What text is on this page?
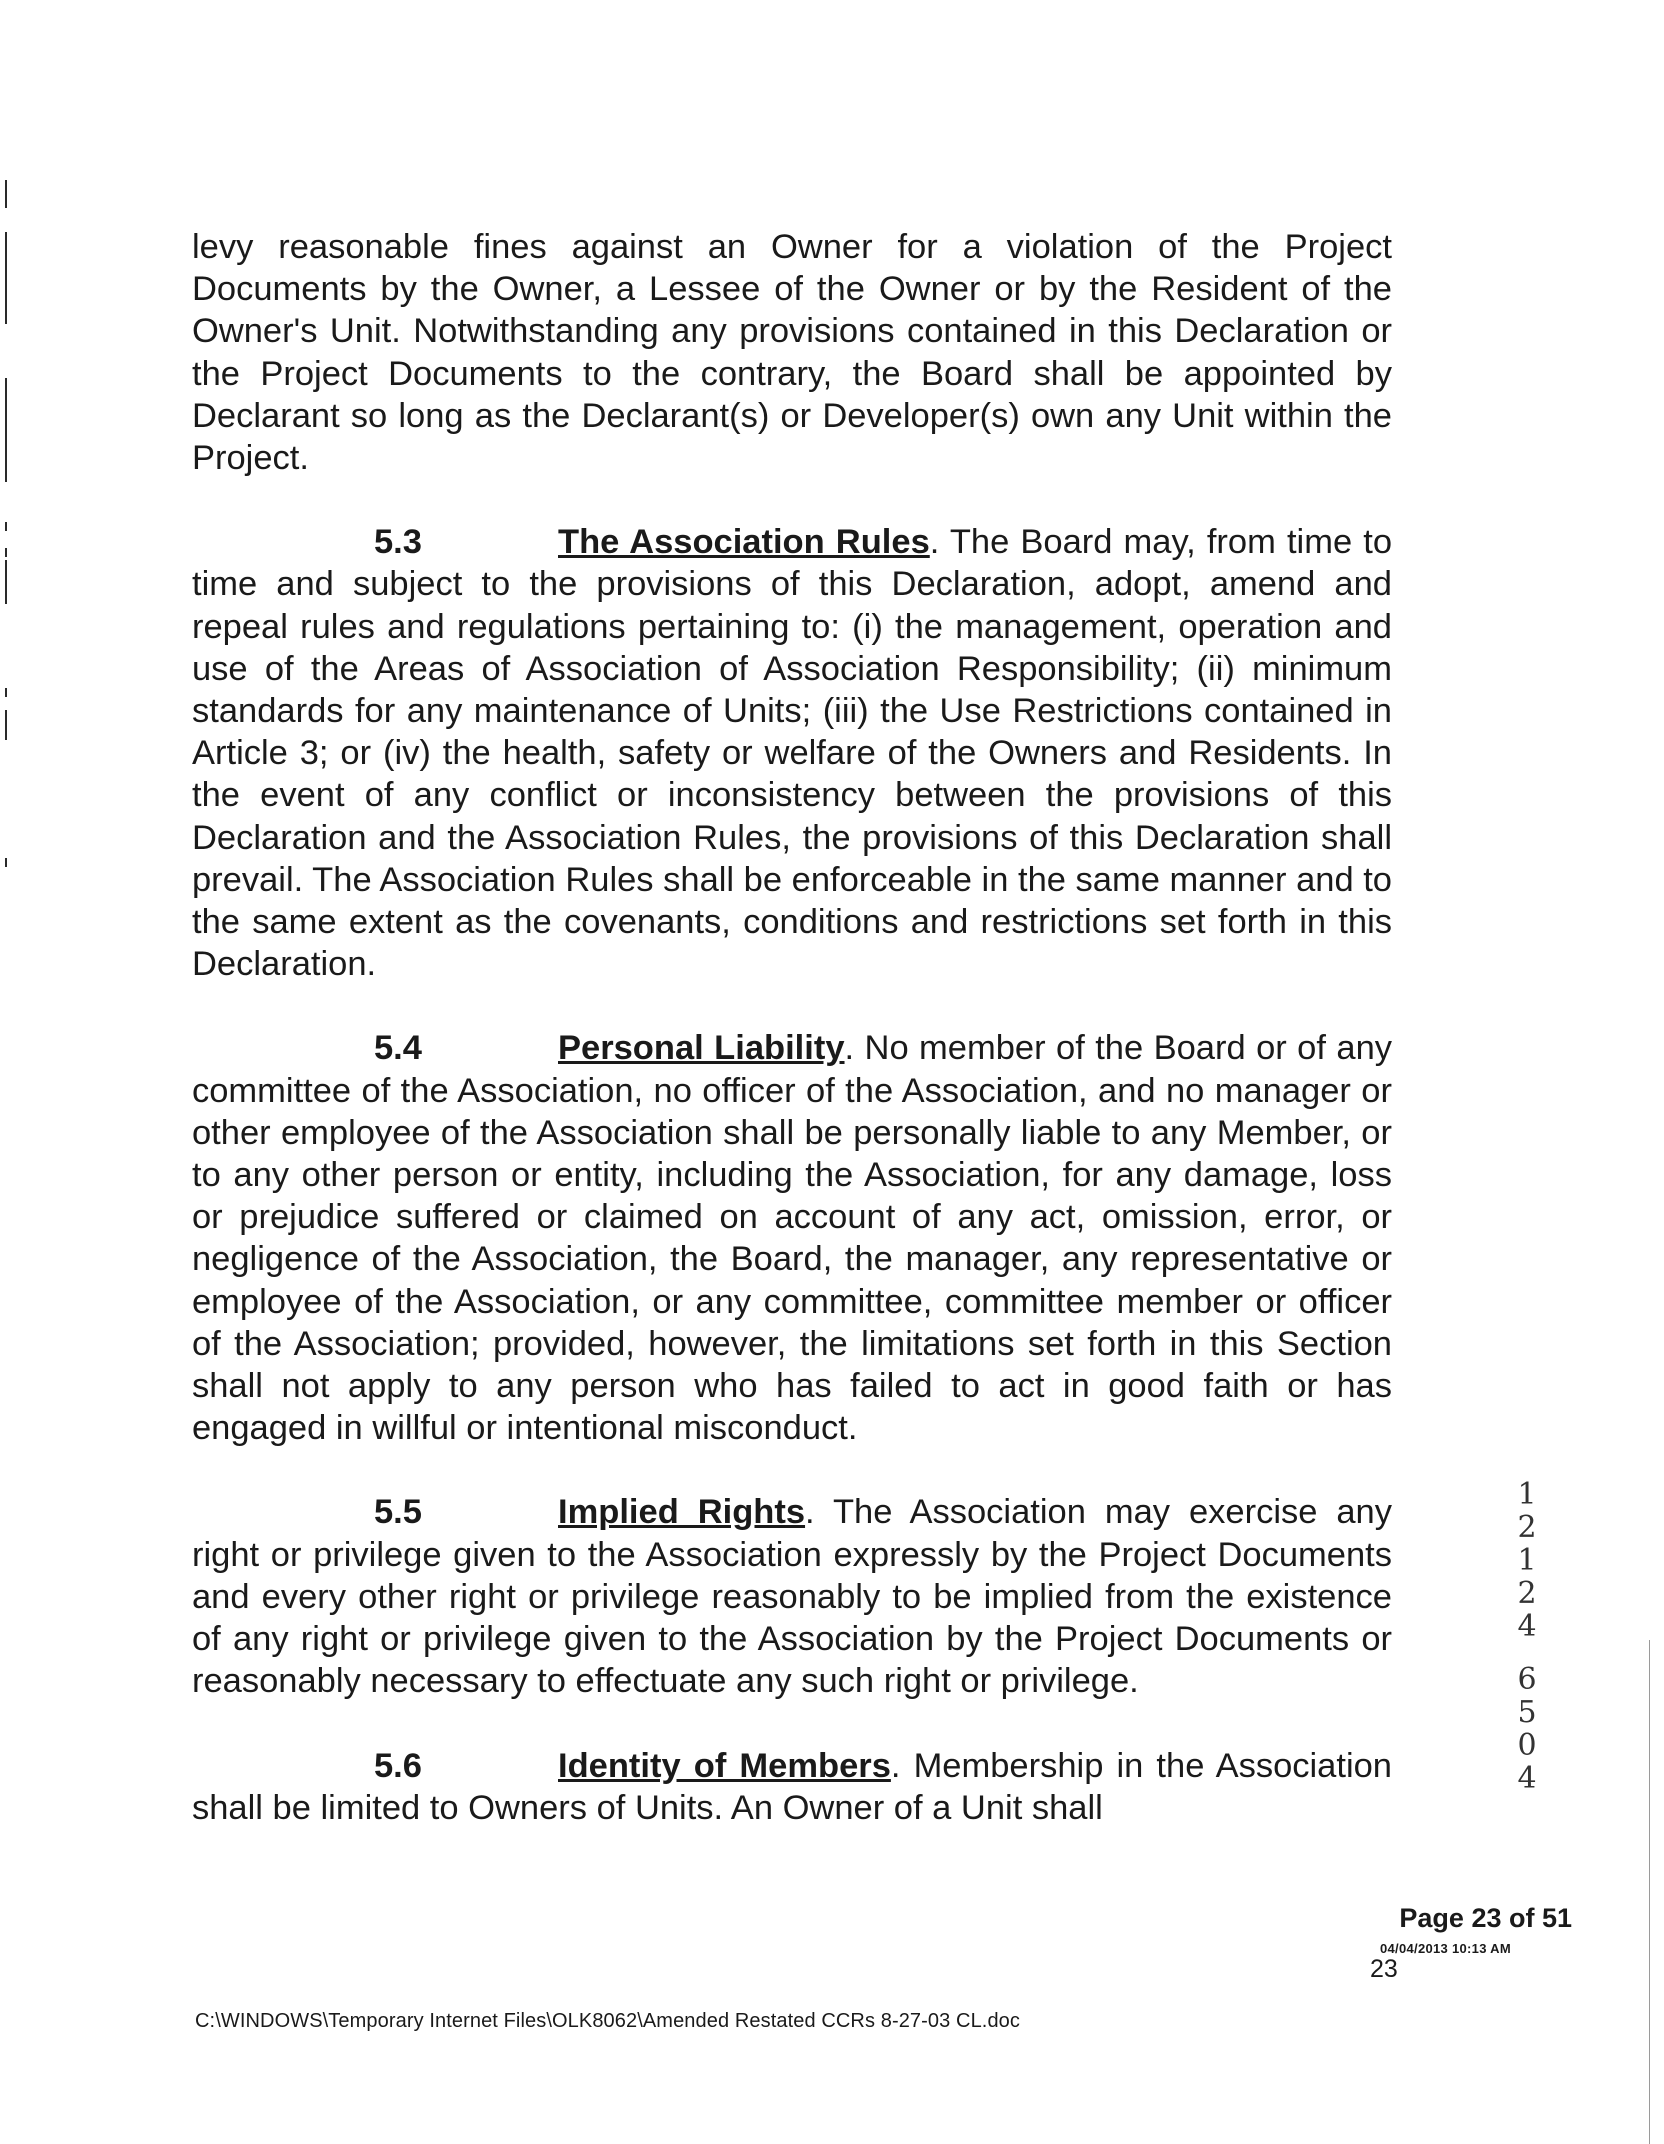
levy reasonable fines against an Owner for a violation of the Project Documents by the Owner, a Lessee of the Owner or by the Resident of the Owner's Unit. Notwithstanding any provisions contained in this Declaration or the Project Documents to the contrary, the Board shall be appointed by Declarant so long as the Declarant(s) or Developer(s) own any Unit within the Project.

5.3	The Association Rules. The Board may, from time to time and subject to the provisions of this Declaration, adopt, amend and repeal rules and regulations pertaining to: (i) the management, operation and use of the Areas of Association of Association Responsibility; (ii) minimum standards for any maintenance of Units; (iii) the Use Restrictions contained in Article 3; or (iv) the health, safety or welfare of the Owners and Residents. In the event of any conflict or inconsistency between the provisions of this Declaration and the Association Rules, the provisions of this Declaration shall prevail. The Association Rules shall be enforceable in the same manner and to the same extent as the covenants, conditions and restrictions set forth in this Declaration.

5.4	Personal Liability. No member of the Board or of any committee of the Association, no officer of the Association, and no manager or other employee of the Association shall be personally liable to any Member, or to any other person or entity, including the Association, for any damage, loss or prejudice suffered or claimed on account of any act, omission, error, or negligence of the Association, the Board, the manager, any representative or employee of the Association, or any committee, committee member or officer of the Association; provided, however, the limitations set forth in this Section shall not apply to any person who has failed to act in good faith or has engaged in willful or intentional misconduct.

5.5	Implied Rights. The Association may exercise any right or privilege given to the Association expressly by the Project Documents and every other right or privilege reasonably to be implied from the existence of any right or privilege given to the Association by the Project Documents or reasonably necessary to effectuate any such right or privilege.

5.6	Identity of Members. Membership in the Association shall be limited to Owners of Units. An Owner of a Unit shall

1
2
1
2
4
6
5
0
4
Page 23 of 51
04/04/2013 10:13 AM
23
C:\WINDOWS\Temporary Internet Files\OLK8062\Amended Restated CCRs 8-27-03 CL.doc
